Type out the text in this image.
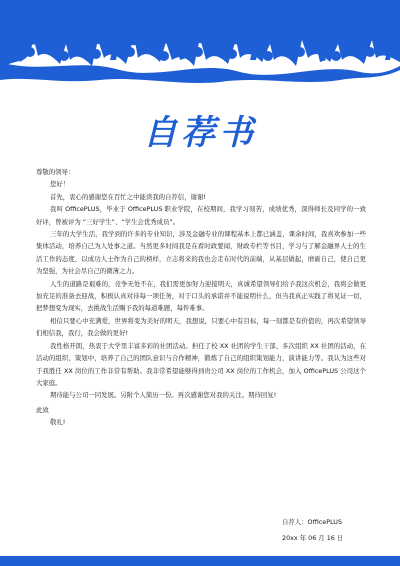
自荐书

尊敬的领导：

您好！

首先，衷心的感谢您在百忙之中能读我的自荐信，谢谢!

我叫 OfficePLUS，毕业于 OfficePLUS 职业学院，在校期间，我学习刻苦，成绩优秀，深得师长及同学的一致好评，曾被评为 “三好学生”、“学生会优秀成员”。

三年的大学生活，我学到的许多的专业知识，涉及金融专业的课程基本上都已涵盖，课余时间，我喜欢参加一些集体活动，培养自己为人处事之道。当然更多时间我是在看时政要闻，财政专栏等书目，学习与了解金融界人士的生活工作的态度，以成功人士作为自己的榜样，立志将来的我也会走在时代的前端，从基层做起，磨砺自己，使自己更为坚强，为社会尽自己的微薄之力。

人生的道路是艰难的，竞争无处不在，我们需更加努力迎接明天，真诚希望领导们给予我这次机会，我将会做更加充足的准备去迎战，积极认真对待每一项任务，对于口头的承诺并不能说明什么，但当我真正实践了将见证一切，把梦想变为现实，去挑战生活赐予我的每道难题，每件难事。

相信只要心中充满爱，世界将变为美好的明天，我想说，只要心中有目标，每一刻都是有价值的，再次希望领导们相信我，我行，我会做的更好!

我性格开朗，热衷于大学里丰富多彩的社团活动。担任了校 XX 社团的学生干部、多次组织 XX 社团的活动，在活动的组织、策划中，培养了自己的团队意识与合作精神，锻炼了自己的组织策划能力，演讲能力等。我认为这些对于我胜任 XX 岗位的工作非常有帮助。我非常希望能够得到贵公司 XX 岗位的工作机会，加入 OfficePLUS 公司这个大家庭。

期待能与公司一同发展。另附个人简历一份。再次感谢您对我的关注。期待回复!

此致

敬礼!

自荐人：OfficePLUS
20xx 年 06 月 16 日
